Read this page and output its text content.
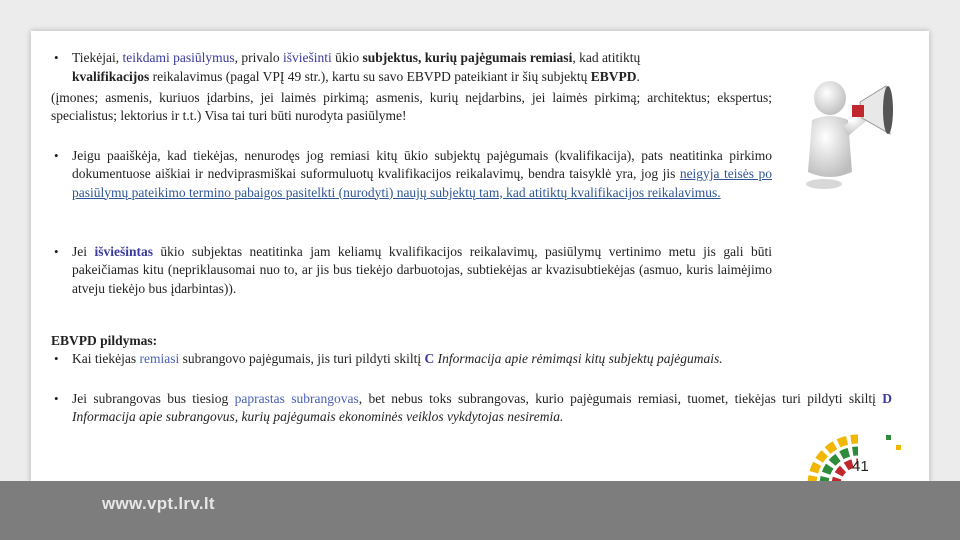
• Tiekėjai, teikdami pasiūlymus, privalo išviešinti ūkio subjektus, kurių pajėgumais remiasi, kad atitiktų
kvalifikacijos reikalavimus (pagal VPĮ 49 str.), kartu su savo EBVPD pateikiant ir šių subjektų EBVPD.
(įmones; asmenis, kuriuos įdarbins, jei laimės pirkimą; asmenis, kurių neįdarbins, jei laimės pirkimą; architektus; ekspertus; specialistus; lektorius ir t.t.) Visa tai turi būti nurodyta pasiūlyme!
• Jeigu paaiškėja, kad tiekėjas, nenurodęs jog remiasi kitų ūkio subjektų pajėgumais (kvalifikacija), pats neatitinka pirkimo dokumentuose aiškiai ir nedviprasmiškai suformuluotų kvalifikacijos reikalavimų, bendra taisyklė yra, jog jis neigyja teisės po pasiūlymų pateikimo termino pabaigos pasitelkti (nurodyti) naujų subjektų tam, kad atitiktų kvalifikacijos reikalavimus.
• Jei išviešintas ūkio subjektas neatitinka jam keliamų kvalifikacijos reikalavimų, pasiūlymų vertinimo metu jis gali būti pakeičiamas kitu (nepriklausomai nuo to, ar jis bus tiekėjo darbuotojas, subtiekėjas ar kvazisubtiekėjas (asmuo, kuris laimėjimo atveju tiekėjo bus įdarbintas)).
EBVPD pildymas:
• Kai tiekėjas remiasi subrangovo pajėgumais, jis turi pildyti skiltį C Informacija apie rėmimąsi kitų subjektų pajėgumais.
• Jei subrangovas bus tiesiog paprastas subrangovas, bet nebus toks subrangovas, kurio pajėgumais remiasi, tuomet, tiekėjas turi pildyti skiltį D Informacija apie subrangovus, kurių pajėgumais ekonominės veiklos vykdytojas nesiremia.
41
www.vpt.lrv.lt
